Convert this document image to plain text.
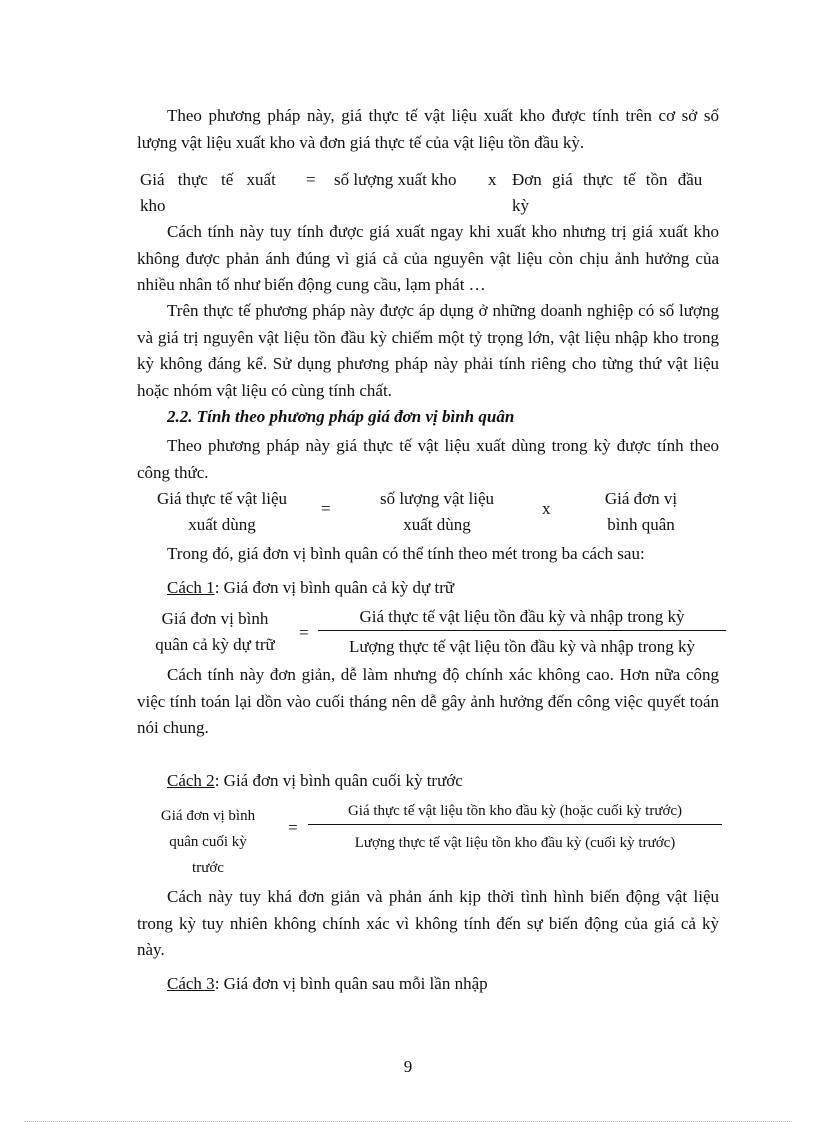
Theo phương pháp này, giá thực tế vật liệu xuất kho được tính trên cơ sở số lượng vật liệu xuất kho và đơn giá thực tế của vật liệu tồn đầu kỳ.

Giá thực tế xuất
kho
= số lượng xuất kho x Đơn giá thực tế tồn đầu
kỳ

Cách tính này tuy tính được giá xuất ngay khi xuất kho nhưng trị giá xuất kho không được phản ánh đúng vì giá cả của nguyên vật liệu còn chịu ảnh hưởng của nhiều nhân tố như biến động cung cầu, lạm phát …

Trên thực tế phương pháp này được áp dụng ở những doanh nghiệp có số lượng và giá trị nguyên vật liệu tồn đầu kỳ chiếm một tỷ trọng lớn, vật liệu nhập kho trong kỳ không đáng kể. Sử dụng phương pháp này phải tính riêng cho từng thứ vật liệu hoặc nhóm vật liệu có cùng tính chất.

2.2. Tính theo phương pháp giá đơn vị bình quân

Theo phương pháp này giá thực tế vật liệu xuất dùng trong kỳ được tính theo công thức.

Giá thực tế vật liệu
xuất dùng
=
số lượng vật liệu
xuất dùng
x
Giá đơn vị
bình quân

Trong đó, giá đơn vị bình quân có thể tính theo mét trong ba cách sau:

Cách 1: Giá đơn vị bình quân cả kỳ dự trữ
Giá đơn vị bình
quân cả kỳ dự trữ
=
Giá thực tế vật liệu tồn đầu kỳ và nhập trong kỳ
Lượng thực tế vật liệu tồn đầu kỳ và nhập trong kỳ

Cách tính này đơn giản, dễ làm nhưng độ chính xác không cao. Hơn nữa công việc tính toán lại dồn vào cuối tháng nên dễ gây ảnh hưởng đến công việc quyết toán nói chung.

Cách 2: Giá đơn vị bình quân cuối kỳ trước
Giá đơn vị bình
quân cuối kỳ
trước
=
Giá thực tế vật liệu tồn kho đầu kỳ (hoặc cuối kỳ trước)
Lượng thực tế vật liệu tồn kho đầu kỳ (cuối kỳ trước)

Cách này tuy khá đơn giản và phản ánh kịp thời tình hình biến động vật liệu trong kỳ tuy nhiên không chính xác vì không tính đến sự biến động của giá cả kỳ này.

Cách 3: Giá đơn vị bình quân sau mỗi lần nhập
9
